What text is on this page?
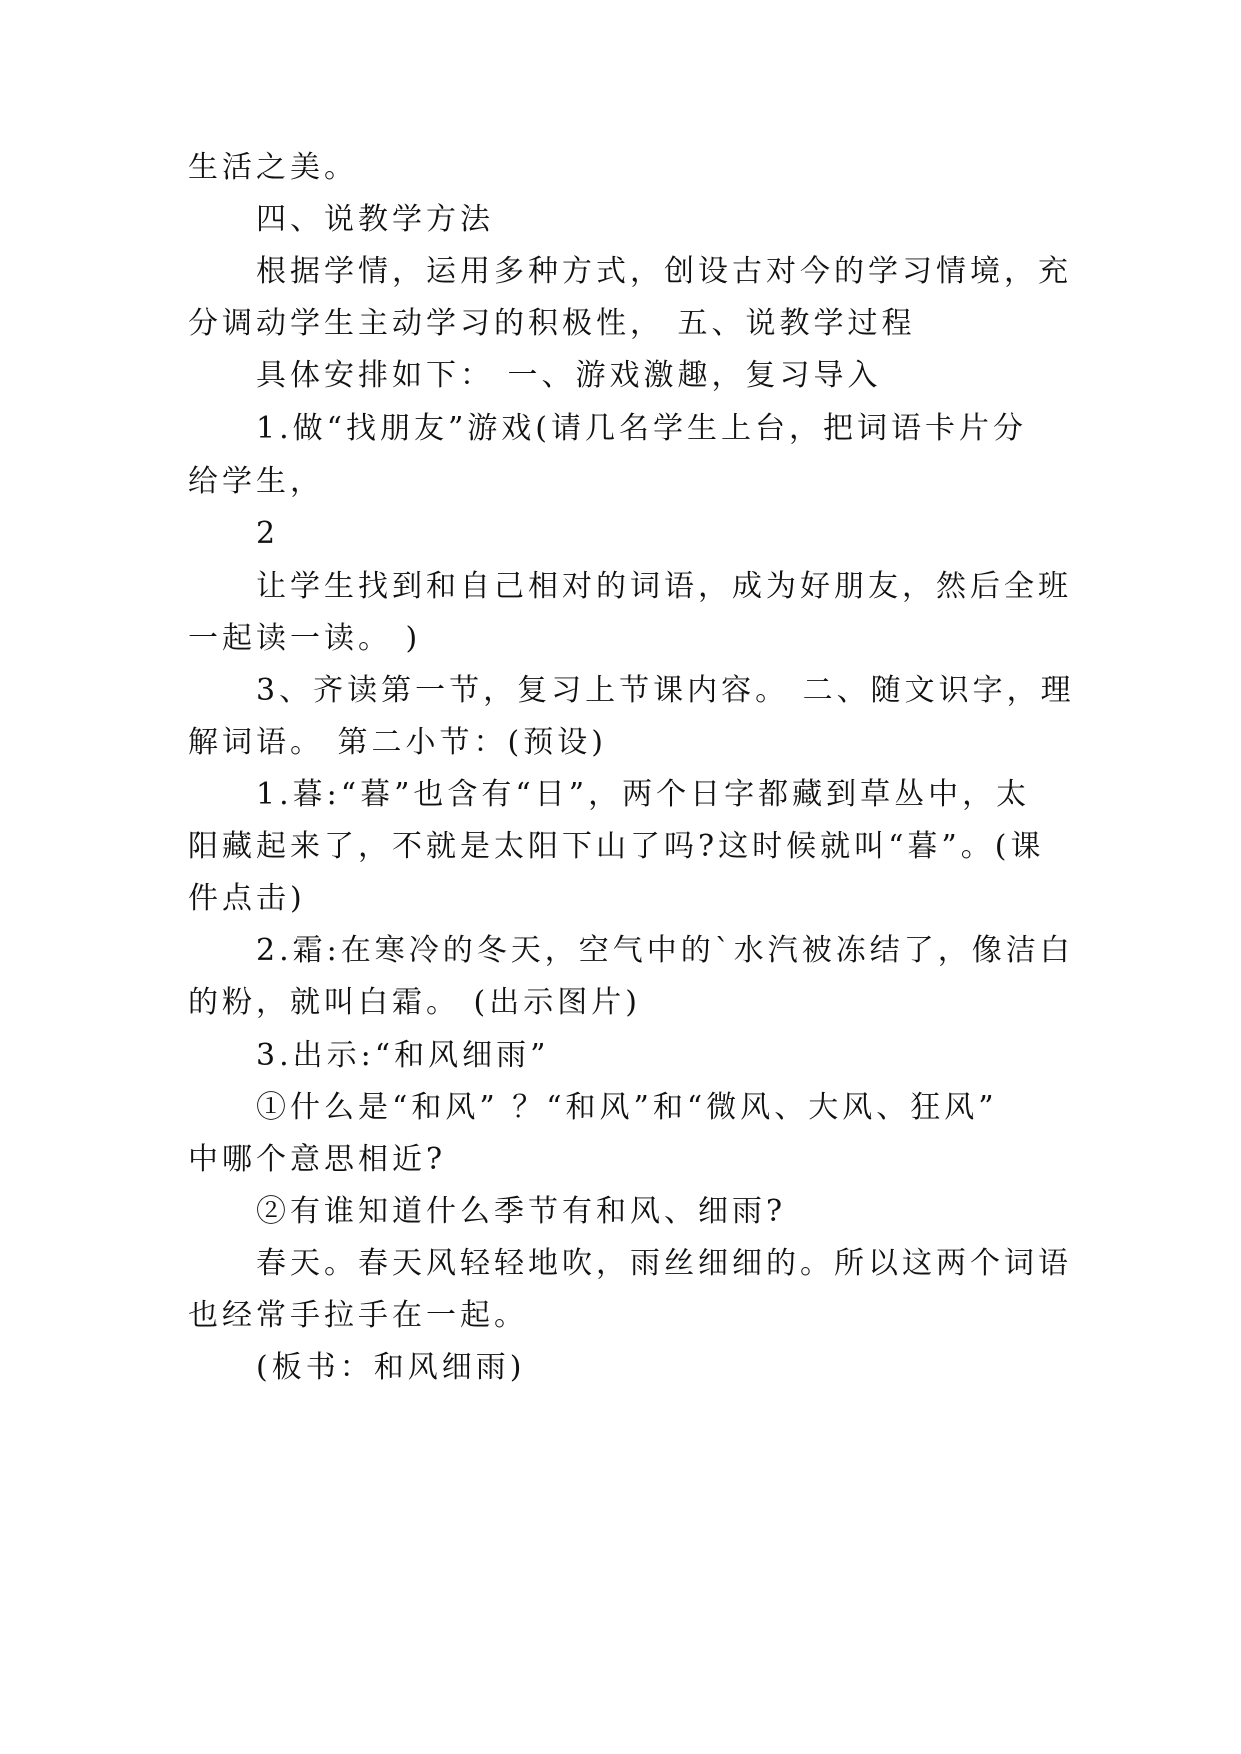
生活之美。
四、说教学方法
根据学情，运用多种方式，创设古对今的学习情境，充
分调动学生主动学习的积极性， 五、说教学过程
具体安排如下： 一、游戏激趣，复习导入
1.做“找朋友”游戏(请几名学生上台，把词语卡片分
给学生，
2
让学生找到和自己相对的词语，成为好朋友，然后全班
一起读一读。 )
3、齐读第一节，复习上节课内容。 二、随文识字，理
解词语。 第二小节：(预设)
1.暮:“暮”也含有“日”，两个日字都藏到草丛中，太
阳藏起来了，不就是太阳下山了吗?这时候就叫“暮”。(课
件点击)
2.霜:在寒冷的冬天，空气中的`水汽被冻结了，像洁白
的粉，就叫白霜。 (出示图片)
3.出示:“和风细雨”
①什么是“和风” ？“和风”和“微风、大风、狂风”
中哪个意思相近?
②有谁知道什么季节有和风、细雨?
春天。春天风轻轻地吹，雨丝细细的。所以这两个词语
也经常手拉手在一起。
(板书：和风细雨)
